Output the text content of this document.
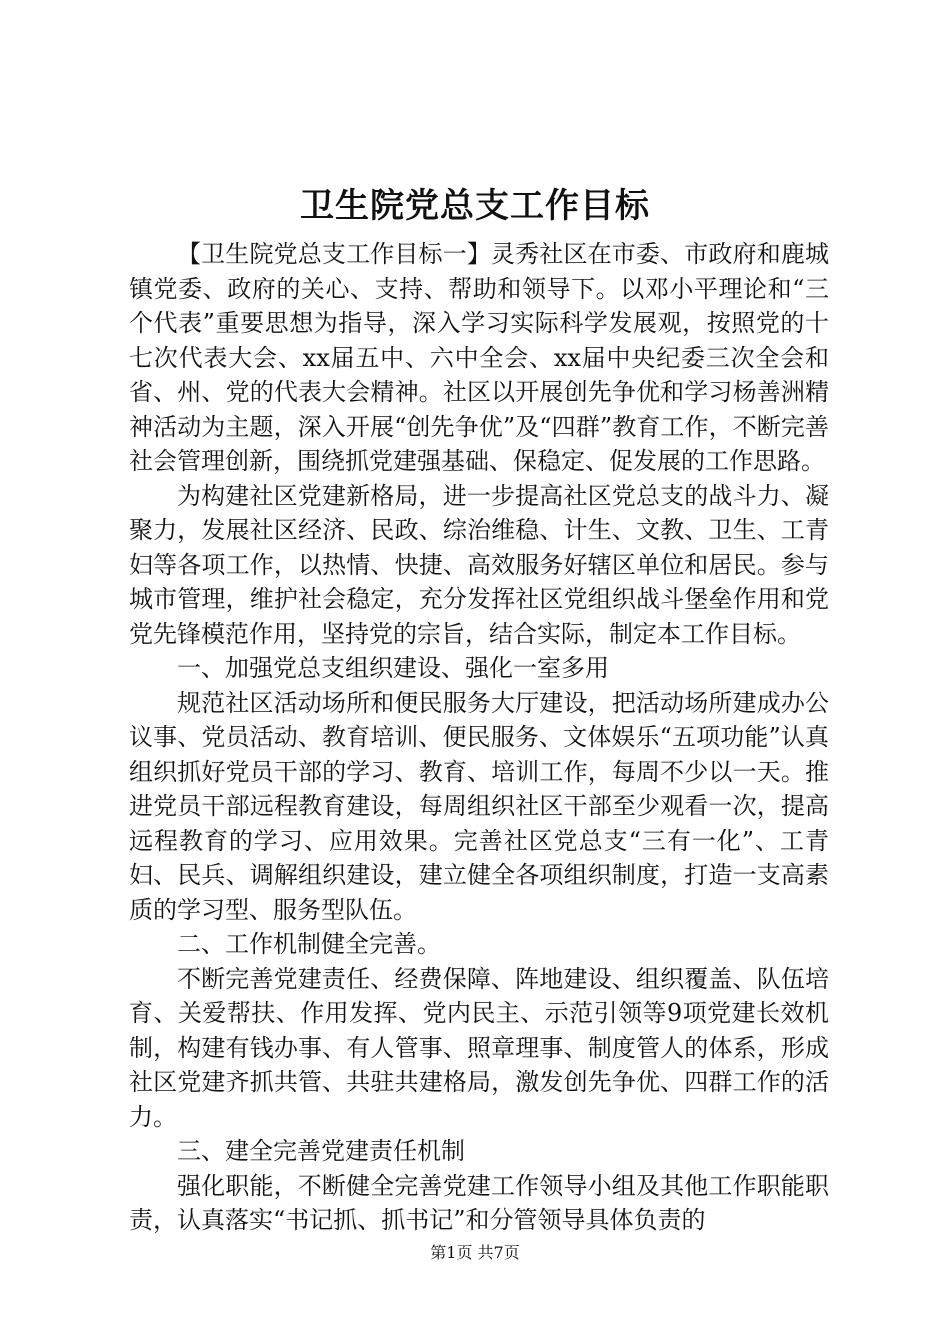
卫生院党总支工作目标

【卫生院党总支工作目标一】灵秀社区在市委、市政府和鹿城镇党委、政府的关心、支持、帮助和领导下。以邓小平理论和“三个代表”重要思想为指导，深入学习实际科学发展观，按照党的十七次代表大会、xx届五中、六中全会、xx届中央纪委三次全会和省、州、党的代表大会精神。社区以开展创先争优和学习杨善洲精神活动为主题，深入开展“创先争优”及“四群”教育工作，不断完善社会管理创新，围绕抓党建强基础、保稳定、促发展的工作思路。

为构建社区党建新格局，进一步提高社区党总支的战斗力、凝聚力，发展社区经济、民政、综治维稳、计生、文教、卫生、工青妇等各项工作，以热情、快捷、高效服务好辖区单位和居民。参与城市管理，维护社会稳定，充分发挥社区党组织战斗堡垒作用和党党先锋模范作用，坚持党的宗旨，结合实际，制定本工作目标。

一、加强党总支组织建设、强化一室多用

规范社区活动场所和便民服务大厅建设，把活动场所建成办公议事、党员活动、教育培训、便民服务、文体娱乐“五项功能”认真组织抓好党员干部的学习、教育、培训工作，每周不少以一天。推进党员干部远程教育建设，每周组织社区干部至少观看一次，提高远程教育的学习、应用效果。完善社区党总支“三有一化”、工青妇、民兵、调解组织建设，建立健全各项组织制度，打造一支高素质的学习型、服务型队伍。

二、工作机制健全完善。

不断完善党建责任、经费保障、阵地建设、组织覆盖、队伍培育、关爱帮扶、作用发挥、党内民主、示范引领等9项党建长效机制，构建有钱办事、有人管事、照章理事、制度管人的体系，形成社区党建齐抓共管、共驻共建格局，激发创先争优、四群工作的活力。

三、建全完善党建责任机制

强化职能，不断健全完善党建工作领导小组及其他工作职能职责，认真落实“书记抓、抓书记”和分管领导具体负责的

第1页 共7页
